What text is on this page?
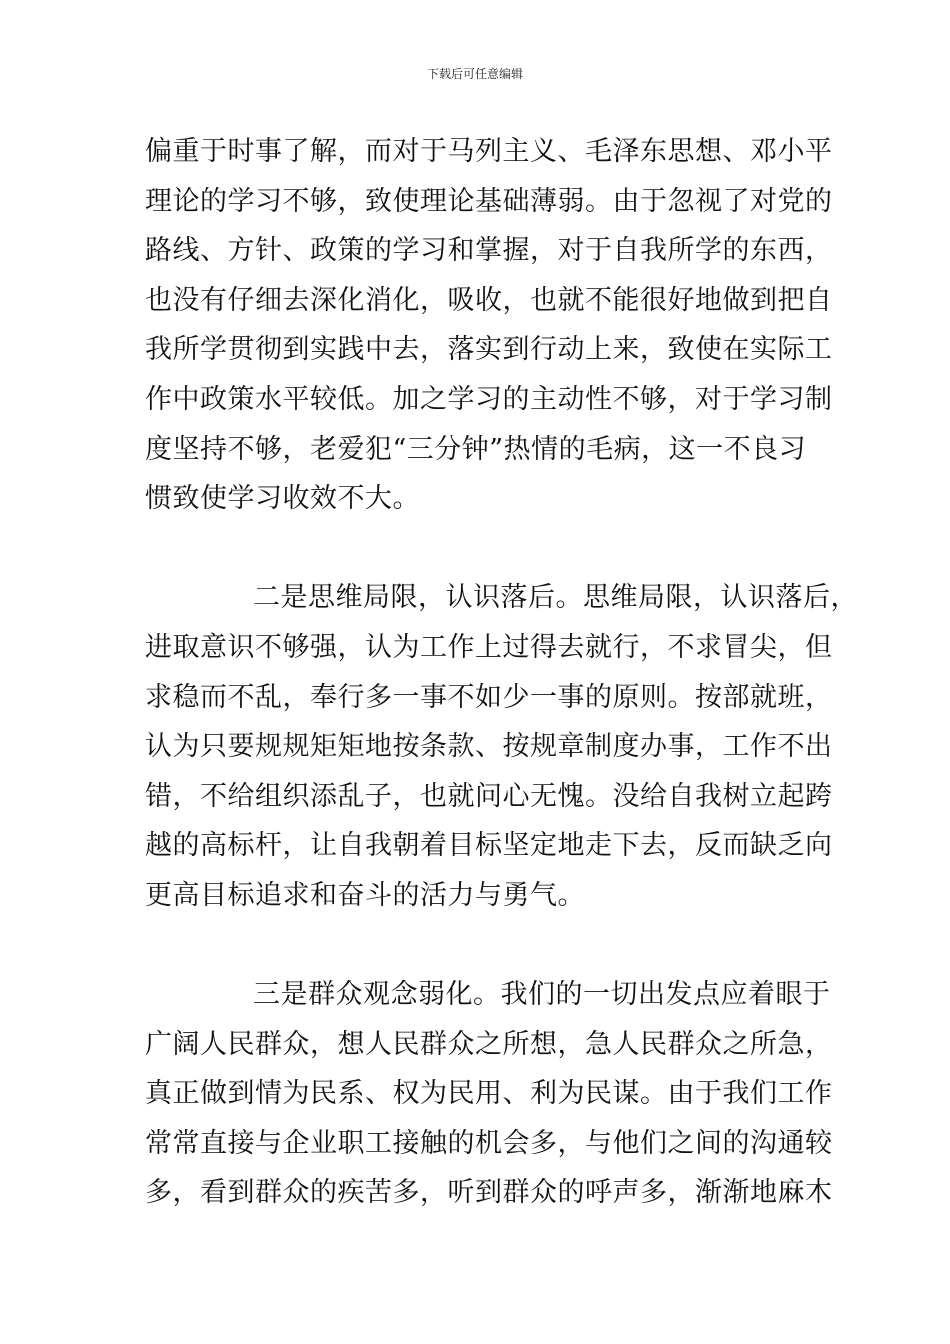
下载后可任意编辑
偏重于时事了解，而对于马列主义、毛泽东思想、邓小平
理论的学习不够，致使理论基础薄弱。由于忽视了对党的
路线、方针、政策的学习和掌握，对于自我所学的东西，
也没有仔细去深化消化，吸收，也就不能很好地做到把自
我所学贯彻到实践中去，落实到行动上来，致使在实际工
作中政策水平较低。加之学习的主动性不够，对于学习制
度坚持不够，老爱犯“三分钟”热情的毛病，这一不良习
惯致使学习收效不大。
二是思维局限，认识落后。思维局限，认识落后，
进取意识不够强，认为工作上过得去就行，不求冒尖，但
求稳而不乱，奉行多一事不如少一事的原则。按部就班，
认为只要规规矩矩地按条款、按规章制度办事，工作不出
错，不给组织添乱子，也就问心无愧。没给自我树立起跨
越的高标杆，让自我朝着目标坚定地走下去，反而缺乏向
更高目标追求和奋斗的活力与勇气。
三是群众观念弱化。我们的一切出发点应着眼于
广阔人民群众，想人民群众之所想，急人民群众之所急，
真正做到情为民系、权为民用、利为民谋。由于我们工作
常常直接与企业职工接触的机会多，与他们之间的沟通较
多，看到群众的疾苦多，听到群众的呼声多，渐渐地麻木
